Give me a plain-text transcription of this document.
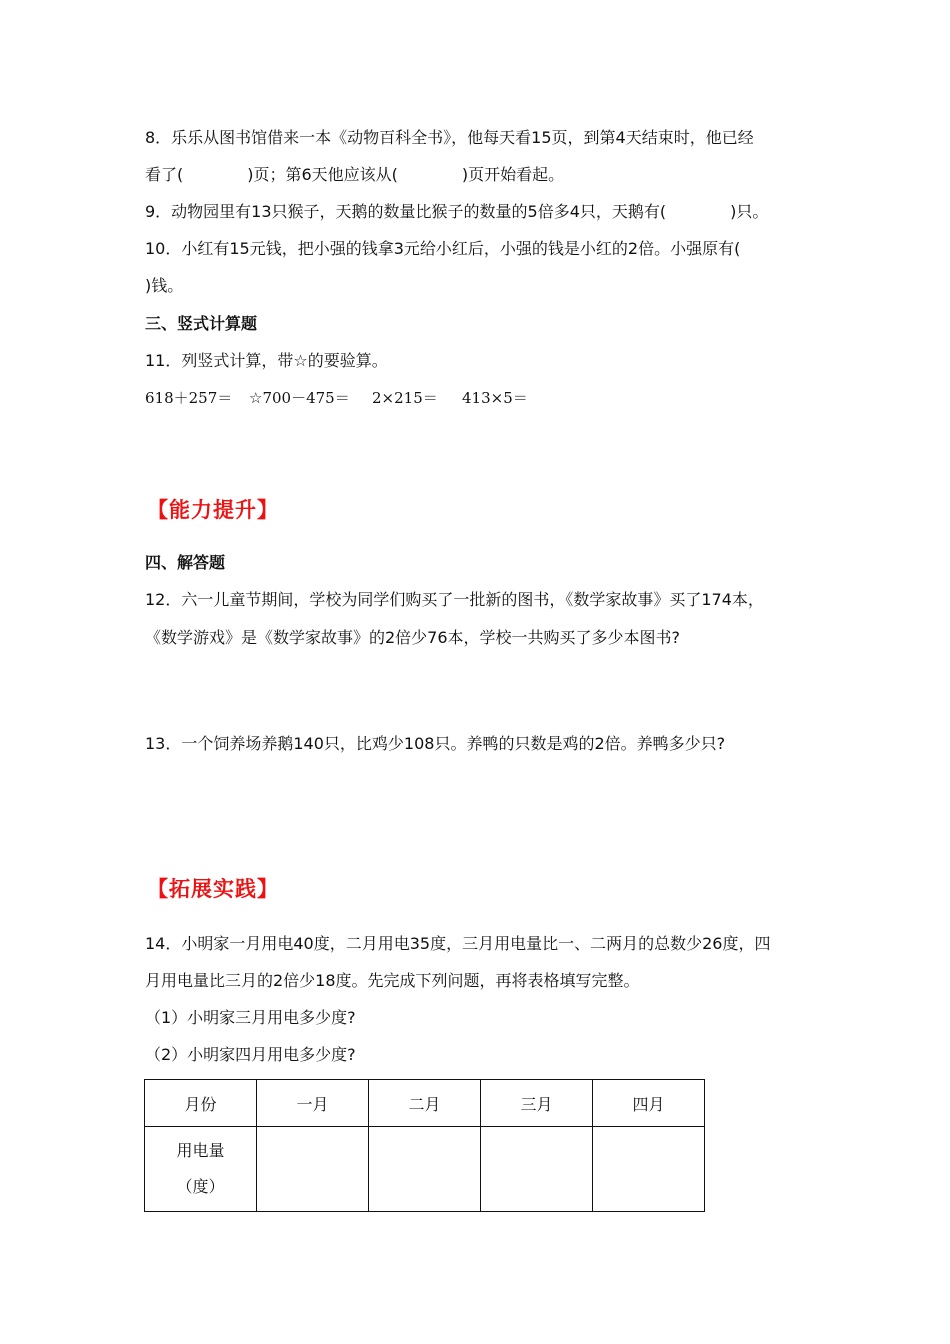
8．乐乐从图书馆借来一本《动物百科全书》，他每天看15页，到第4天结束时，他已经
看了(	)页；第6天他应该从(	)页开始看起。
9．动物园里有13只猴子，天鹅的数量比猴子的数量的5倍多4只，天鹅有(	)只。
10．小红有15元钱，把小强的钱拿3元给小红后，小强的钱是小红的2倍。小强原有(
)钱。
三、竖式计算题
11．列竖式计算，带☆的要验算。
618＋257＝ ☆700－475＝ 2×215＝ 413×5＝
【能力提升】
四、解答题
12．六一儿童节期间，学校为同学们购买了一批新的图书，《数学家故事》买了174本，
《数学游戏》是《数学家故事》的2倍少76本，学校一共购买了多少本图书?
13．一个饲养场养鹅140只，比鸡少108只。养鸭的只数是鸡的2倍。养鸭多少只?
【拓展实践】
14．小明家一月用电40度，二月用电35度，三月用电量比一、二两月的总数少26度，四
月用电量比三月的2倍少18度。先完成下列问题，再将表格填写完整。
（1）小明家三月用电多少度?
（2）小明家四月用电多少度?
月份	一月	二月	三月	四月

用电量
（度）				
